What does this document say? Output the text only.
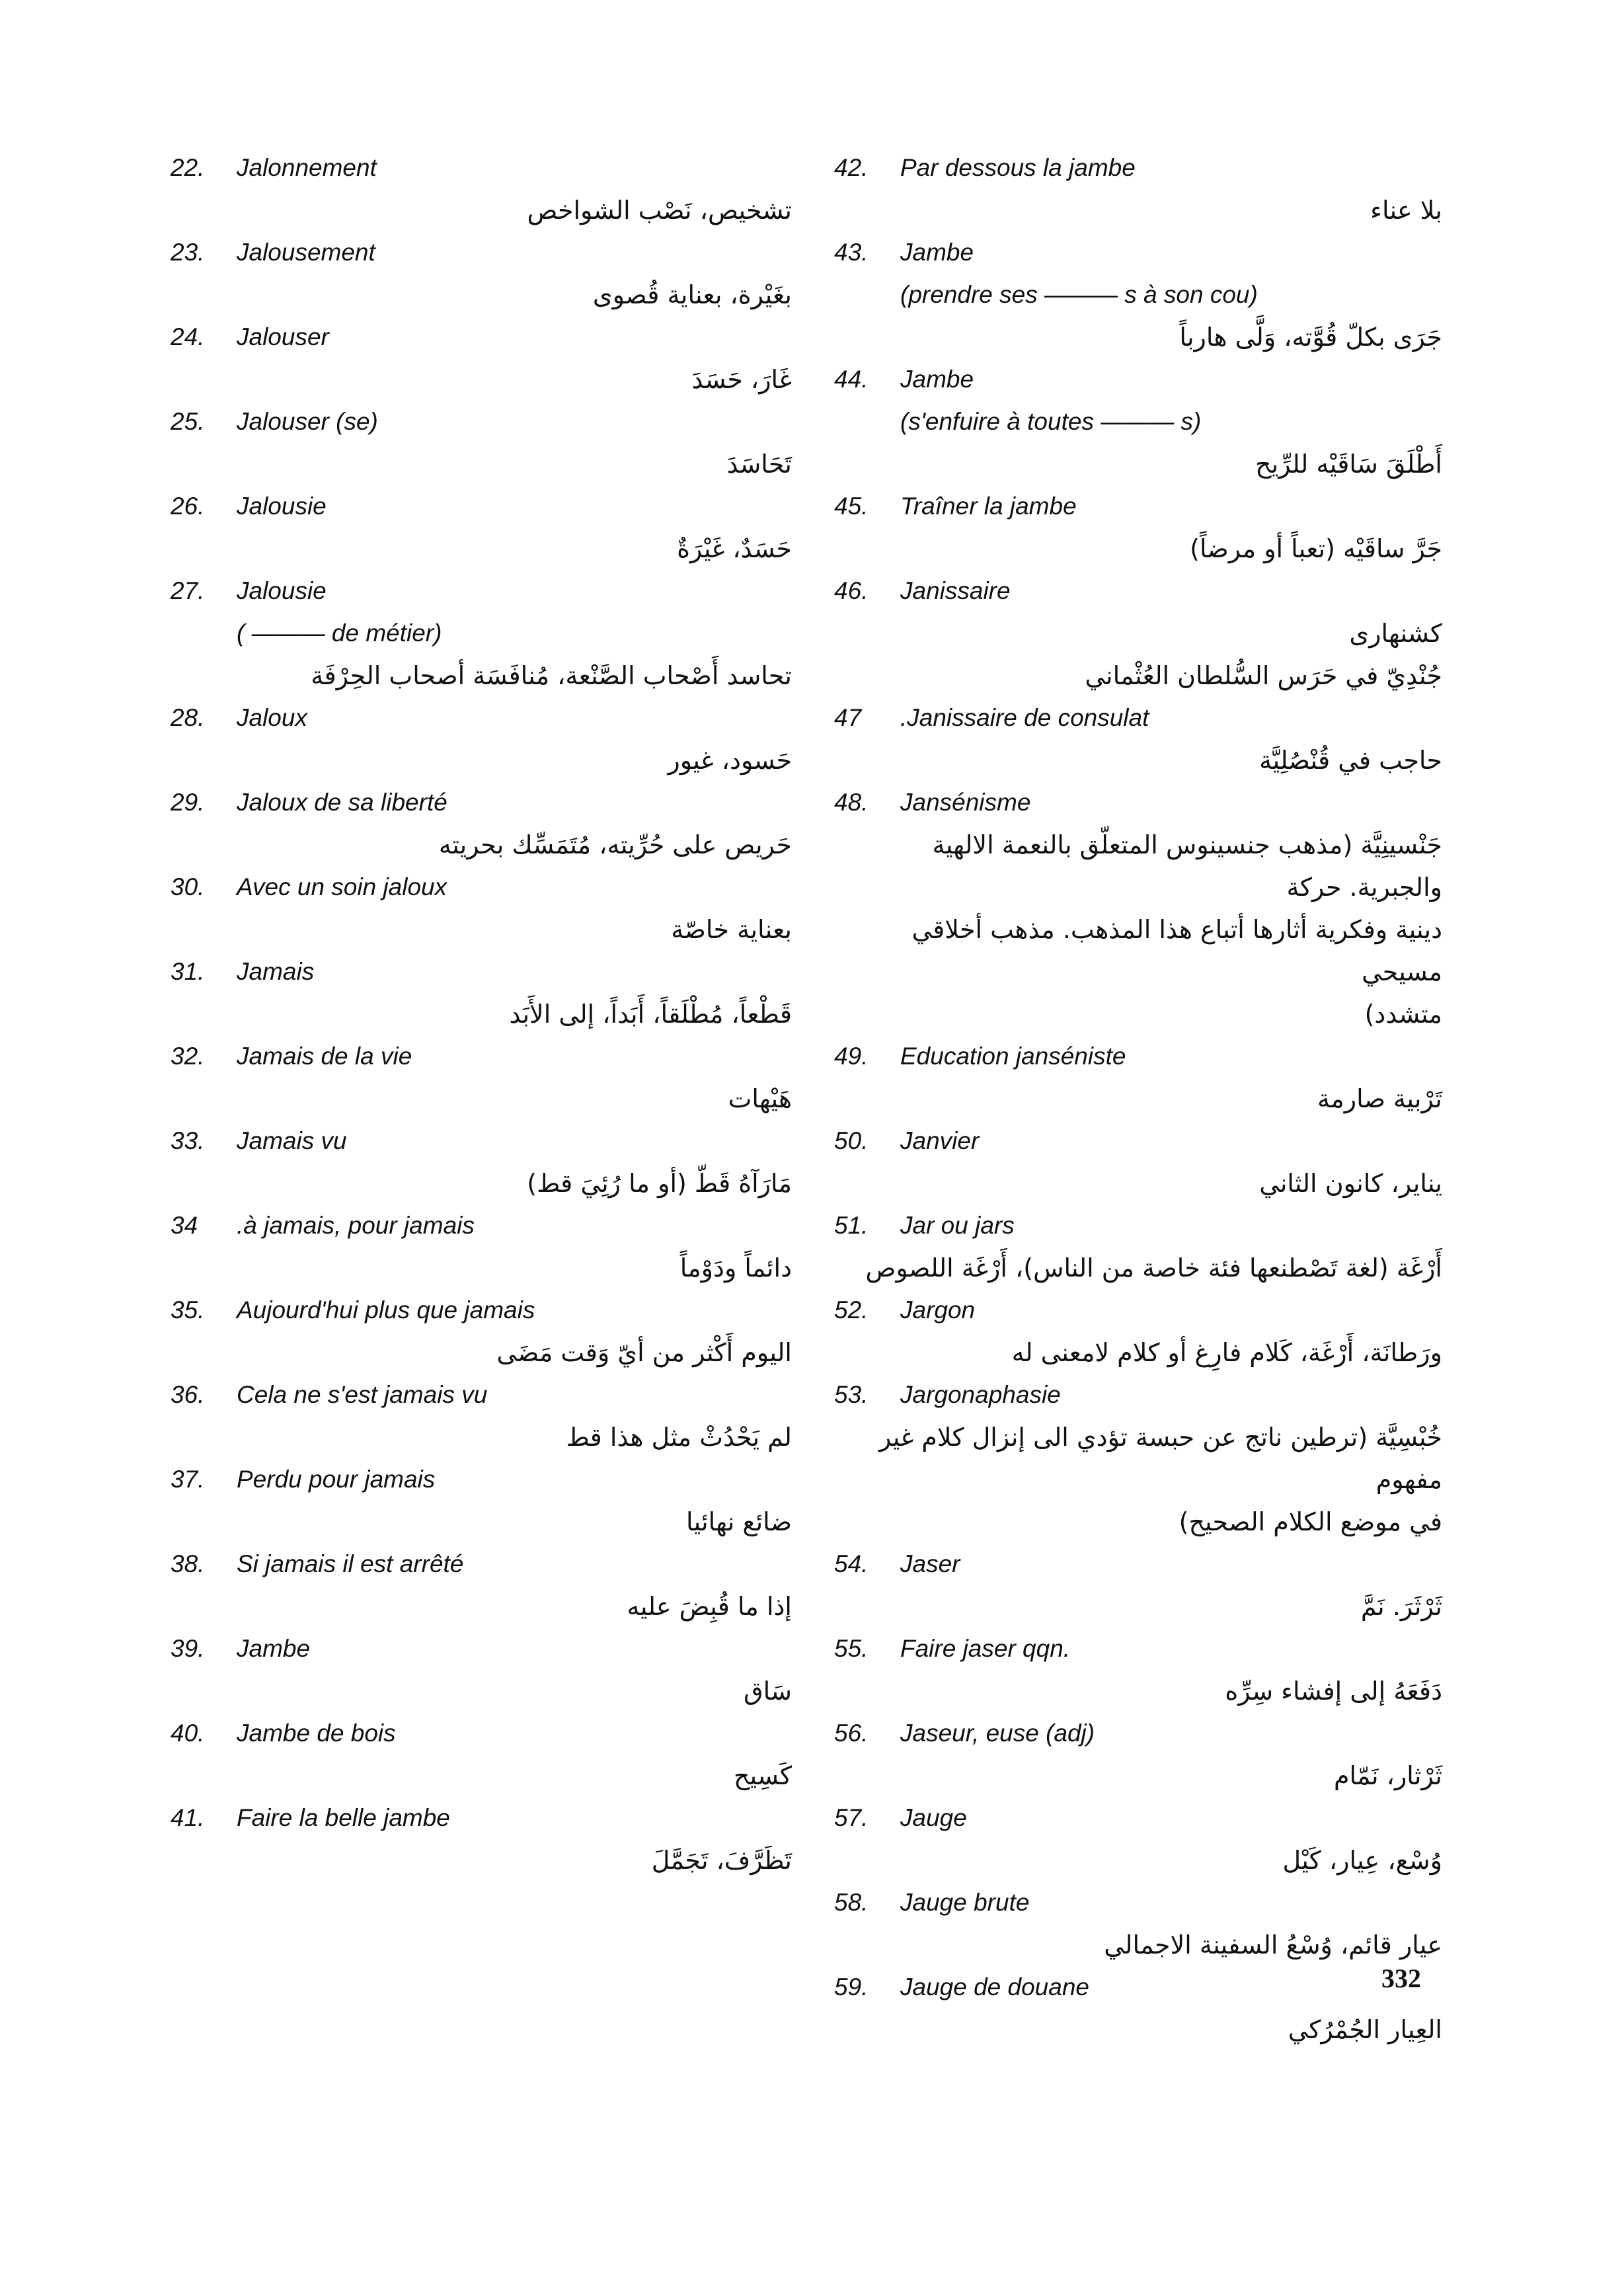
22. Jalonnement
تشخيص، نَصْب الشواخص
23. Jalousement
بغَيْرة، بعناية قُصوى
24. Jalouser
غَارَ، حَسَدَ
25. Jalouser (se)
تَحَاسَدَ
26. Jalousie
حَسَدٌ، غَيْرَةٌ
27. Jalousie
( ——— de métier)
تحاسد أَصْحاب الصَّنْعة، مُنافَسَة أصحاب الحِرْفَة
28. Jaloux
حَسود، غيور
29. Jaloux de sa liberté
حَريص على حُرِّيته، مُتَمَسِّك بحريته
30. Avec un soin jaloux
بعناية خاصّة
31. Jamais
قَطْعاً، مُطْلَقاً، أَبَداً، إلى الأَبَد
32. Jamais de la vie
هَيْهات
33. Jamais vu
مَارَآهُ قَطّ (أو ما رُئِيَ قط)
34 .à jamais, pour jamais
دائماً ودَوْماً
35. Aujourd'hui plus que jamais
اليوم أَكْثر من أيّ وَقت مَضَى
36. Cela ne s'est jamais vu
لم يَحْدُثْ مثل هذا قط
37. Perdu pour jamais
ضائع نهائيا
38. Si jamais il est arrêté
إذا ما قُبِضَ عليه
39. Jambe
سَاق
40. Jambe de bois
كَسِيح
41. Faire la belle jambe
تَظَرَّفَ، تَجَمَّلَ
42. Par dessous la jambe
بلا عناء
43. Jambe
(prendre ses ——— s à son cou)
جَرَى بكلّ قُوَّته، وَلَّى هارباً
44. Jambe
(s'enfuire à toutes ——— s)
أَطْلَقَ سَاقَيْه للرِّيح
45. Traîner la jambe
جَرَّ ساقَيْه (تعباً أو مرضاً)
46. Janissaire
كشنهارى
جُنْدِيّ في حَرَس السُّلطان العُثْماني
47 .Janissaire de consulat
حاجب في قُنْصُلِيَّة
48. Jansénisme
جَنْسينِيَّة (مذهب جنسينوس المتعلّق بالنعمة الالهية والجبرية. حركة
دينية وفكرية أثارها أتباع هذا المذهب. مذهب أخلاقي مسيحي
متشدد)
49. Education janséniste
تَرْبية صارمة
50. Janvier
يناير، كانون الثاني
51. Jar ou jars
أَرْغَة (لغة تَصْطنعها فئة خاصة من الناس)، أَرْغَة اللصوص
52. Jargon
ورَطانَة، أَرْغَة، كَلام فارِغ أو كلام لامعنى له
53. Jargonaphasie
خُبْسِيَّة (ترطين ناتج عن حبسة تؤدي الى إنزال كلام غير مفهوم
في موضع الكلام الصحيح)
54. Jaser
ثَرْثَرَ. نَمَّ
55. Faire jaser qqn.
دَفَعَهُ إلى إفشاء سِرِّه
56. Jaseur, euse (adj)
ثَرْثار، نَمّام
57. Jauge
وُسْع، عِيار، كَيْل
58. Jauge brute
عيار قائم، وُسْعُ السفينة الاجمالي
59. Jauge de douane
العِيار الجُمْرُكي
332
